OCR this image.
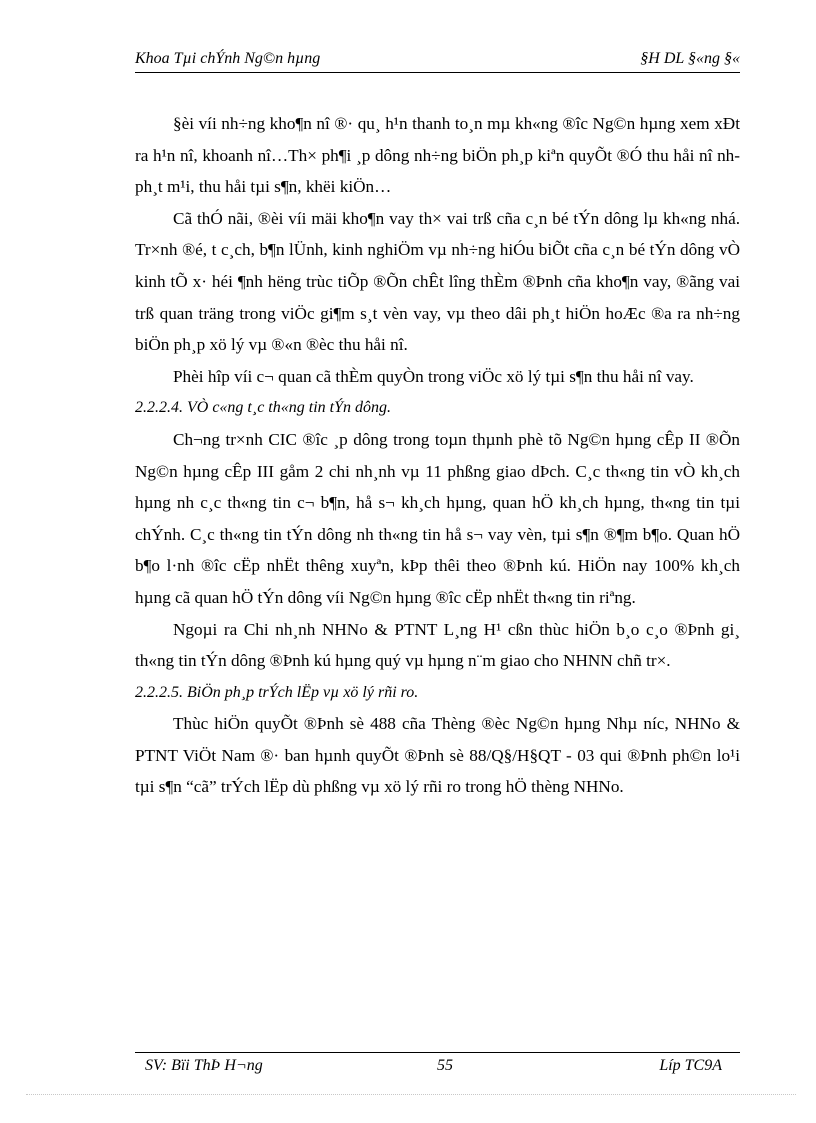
Khoa Tµi chÝnh Ng©n hµng	§H DL §«ng §«

§èi víi nh÷ng kho¶n nî ®· qu¸ h¹n thanh to¸n mµ kh«ng ®îc Ng©n hµng xem xÐt ra h¹n nî, khoanh nî…Th× ph¶i ¸p dông nh÷ng biÖn ph¸p kiªn quyÕt ®Ó thu håi nî nh ph¸t m¹i, thu håi tµi s¶n, khëi kiÖn…

Cã thÓ nãi, ®èi víi mäi kho¶n vay th× vai trß cña c¸n bé tÝn dông lµ kh«ng nhá. Tr×nh ®é, t c¸ch, b¶n lÜnh, kinh nghiÖm vµ nh÷ng hiÓu biÕt cña c¸n bé tÝn dông vÒ kinh tÕ x· héi ¶nh hëng trùc tiÕp ®Õn chÊt lîng thÈm ®Þnh cña kho¶n vay, ®ãng vai trß quan träng trong viÖc gi¶m s¸t vèn vay, vµ theo dâi ph¸t hiÖn hoÆc ®a ra nh÷ng biÖn ph¸p xö lý vµ ®«n ®èc thu håi nî.

Phèi hîp víi c¬ quan cã thÈm quyÒn trong viÖc xö lý tµi s¶n thu håi nî vay.

2.2.2.4. VÒ c«ng t¸c th«ng tin tÝn dông.

Ch¬ng tr×nh CIC ®îc ¸p dông trong toµn thµnh phè tõ Ng©n hµng cÊp II ®Õn Ng©n hµng cÊp III gåm 2 chi nh¸nh vµ 11 phßng giao dÞch. C¸c th«ng tin vÒ kh¸ch hµng nh c¸c th«ng tin c¬ b¶n, hå s¬ kh¸ch hµng, quan hÖ kh¸ch hµng, th«ng tin tµi chÝnh. C¸c th«ng tin tÝn dông nh th«ng tin hå s¬ vay vèn, tµi s¶n ®¶m b¶o. Quan hÖ b¶o l·nh ®îc cËp nhËt thêng xuyªn, kÞp thêi theo ®Þnh kú. HiÖn nay 100% kh¸ch hµng cã quan hÖ tÝn dông víi Ng©n hµng ®îc cËp nhËt th«ng tin riªng.

Ngoµi ra Chi nh¸nh NHNo & PTNT L¸ng H¹ cßn thùc hiÖn b¸o c¸o ®Þnh gi¸ th«ng tin tÝn dông ®Þnh kú hµng quý vµ hµng n¨m giao cho NHNN chñ tr×.

2.2.2.5. BiÖn ph¸p trÝch lËp vµ xö lý rñi ro.

Thùc hiÖn quyÕt ®Þnh sè 488 cña Thèng ®èc Ng©n hµng Nhµ níc, NHNo & PTNT ViÖt Nam ®· ban hµnh quyÕt ®Þnh sè 88/Q§/H§QT - 03 qui ®Þnh ph©n lo¹i tµi s¶n “cã” trÝch lËp dù phßng vµ xö lý rñi ro trong hÖ thèng NHNo.

SV: Bïi ThÞ H¬ng	55	Líp TC9A
